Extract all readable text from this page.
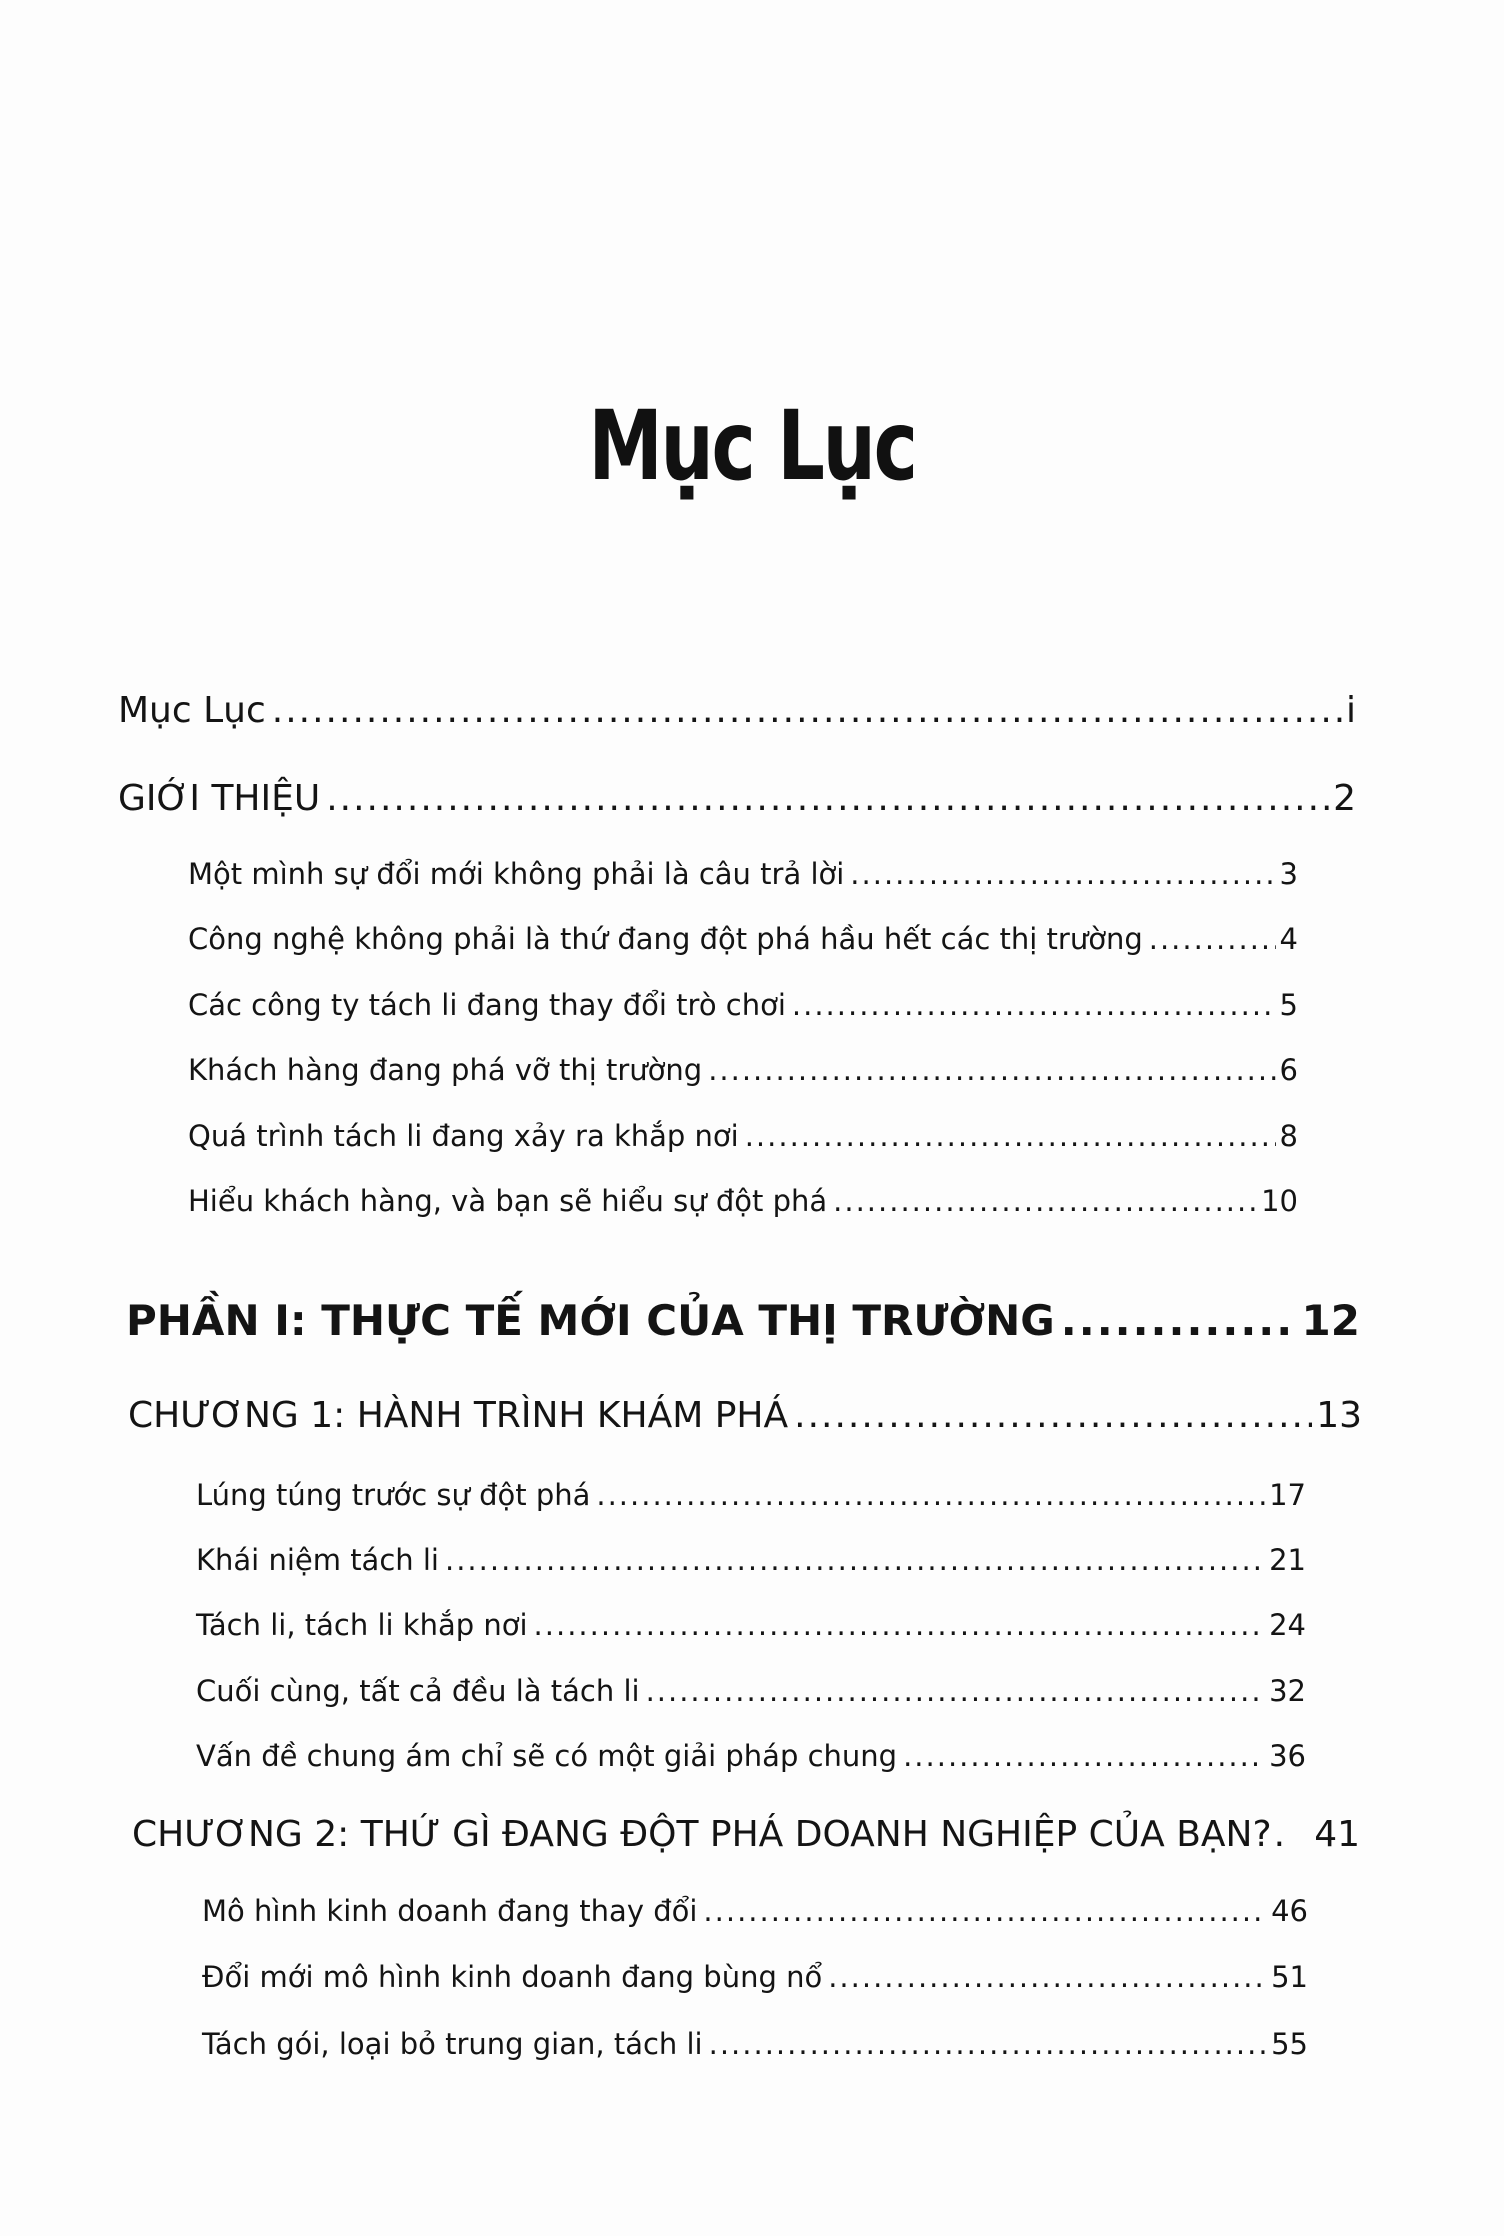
Mục Lục
Mục Lục .....	i
GIỚI THIỆU .....	2
Một mình sự đổi mới không phải là câu trả lời .....	3
Công nghệ không phải là thứ đang đột phá hầu hết các thị trường .....	4
Các công ty tách li đang thay đổi trò chơi .....	5
Khách hàng đang phá vỡ thị trường .....	6
Quá trình tách li đang xảy ra khắp nơi .....	8
Hiểu khách hàng, và bạn sẽ hiểu sự đột phá .....	10
PHẦN I: THỰC TẾ MỚI CỦA THỊ TRƯỜNG .....	12
CHƯƠNG 1: HÀNH TRÌNH KHÁM PHÁ .....	13
Lúng túng trước sự đột phá .....	17
Khái niệm tách li .....	21
Tách li, tách li khắp nơi .....	24
Cuối cùng, tất cả đều là tách li .....	32
Vấn đề chung ám chỉ sẽ có một giải pháp chung .....	36
CHƯƠNG 2: THỨ GÌ ĐANG ĐỘT PHÁ DOANH NGHIỆP CỦA BẠN? . 41
Mô hình kinh doanh đang thay đổi .....	46
Đổi mới mô hình kinh doanh đang bùng nổ .....	51
Tách gói, loại bỏ trung gian, tách li .....	55
